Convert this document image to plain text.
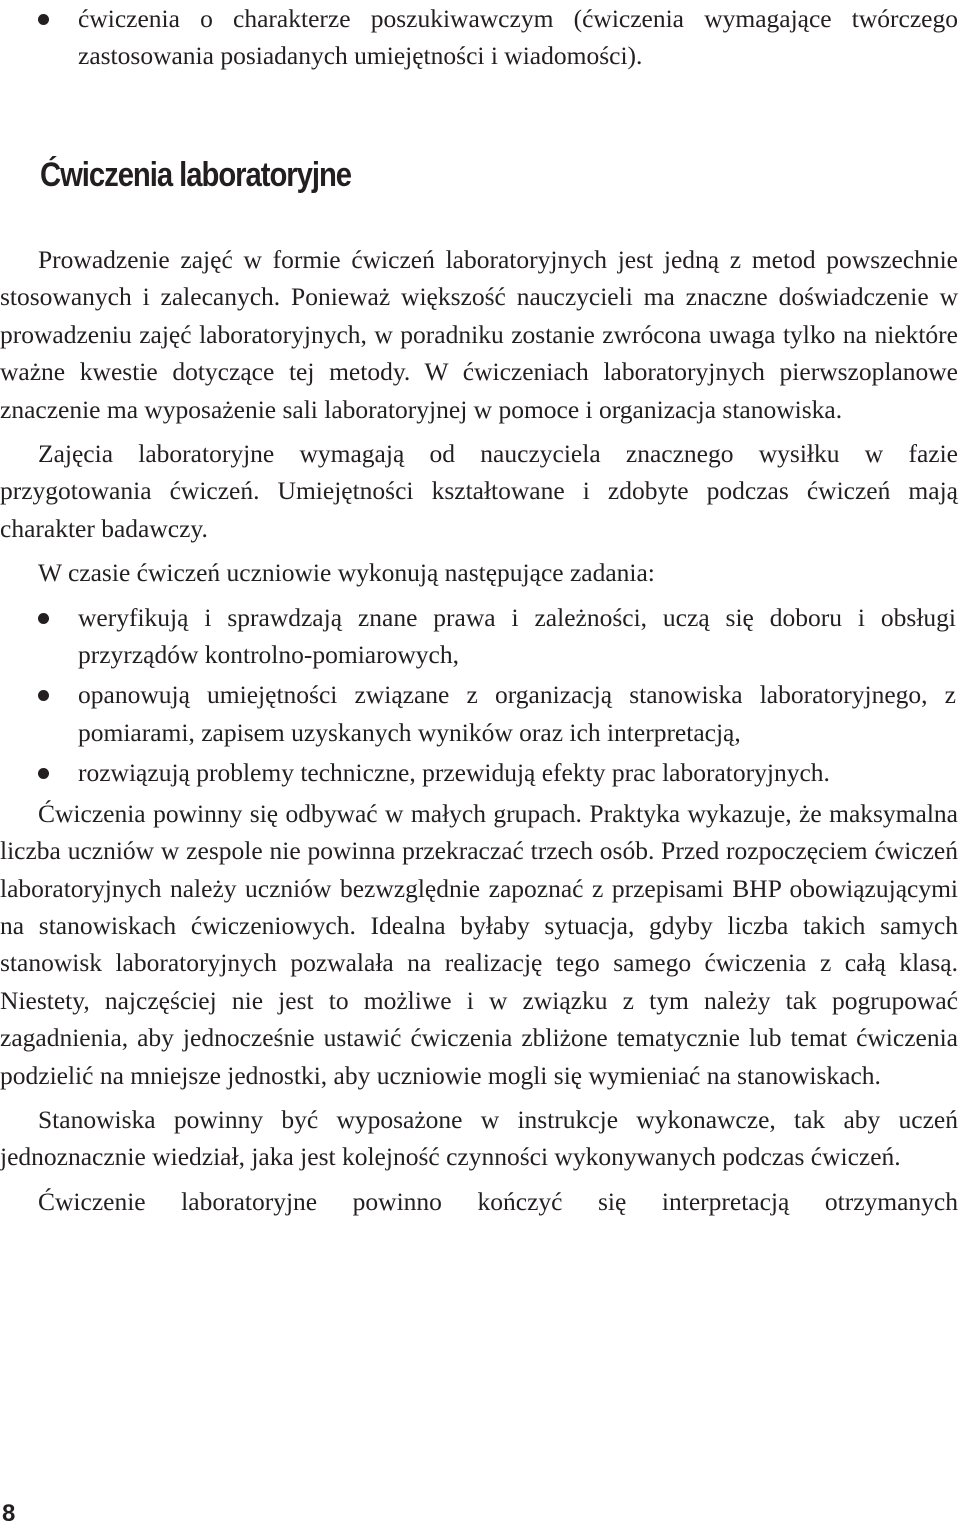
ćwiczenia o charakterze poszukiwawczym (ćwiczenia wymagające twórczego zastosowania posiadanych umiejętności i wiadomości).
Ćwiczenia laboratoryjne

Prowadzenie zajęć w formie ćwiczeń laboratoryjnych jest jedną z metod powszechnie stosowanych i zalecanych. Ponieważ większość nauczycieli ma znaczne doświadczenie w prowadzeniu zajęć laboratoryjnych, w poradniku zostanie zwrócona uwaga tylko na niektóre ważne kwestie dotyczące tej metody. W ćwiczeniach laboratoryjnych pierwszoplanowe znaczenie ma wyposażenie sali laboratoryjnej w pomoce i organizacja stanowiska.

Zajęcia laboratoryjne wymagają od nauczyciela znacznego wysiłku w fazie przygotowania ćwiczeń. Umiejętności kształtowane i zdobyte podczas ćwiczeń mają charakter badawczy.

W czasie ćwiczeń uczniowie wykonują następujące zadania:

weryfikują i sprawdzają znane prawa i zależności, uczą się doboru i obsługi przyrządów kontrolno-pomiarowych,
opanowują umiejętności związane z organizacją stanowiska laboratoryjnego, z pomiarami, zapisem uzyskanych wyników oraz ich interpretacją,
rozwiązują problemy techniczne, przewidują efekty prac laboratoryjnych.

Ćwiczenia powinny się odbywać w małych grupach. Praktyka wykazuje, że maksymalna liczba uczniów w zespole nie powinna przekraczać trzech osób. Przed rozpoczęciem ćwiczeń laboratoryjnych należy uczniów bezwzględnie zapoznać z przepisami BHP obowiązującymi na stanowiskach ćwiczeniowych. Idealna byłaby sytuacja, gdyby liczba takich samych stanowisk laboratoryjnych pozwalała na realizację tego samego ćwiczenia z całą klasą. Niestety, najczęściej nie jest to możliwe i w związku z tym należy tak pogrupować zagadnienia, aby jednocześnie ustawić ćwiczenia zbliżone tematycznie lub temat ćwiczenia podzielić na mniejsze jednostki, aby uczniowie mogli się wymieniać na stanowiskach.

Stanowiska powinny być wyposażone w instrukcje wykonawcze, tak aby uczeń jednoznacznie wiedział, jaka jest kolejność czynności wykonywanych podczas ćwiczeń.

Ćwiczenie laboratoryjne powinno kończyć się interpretacją otrzymanych

8
